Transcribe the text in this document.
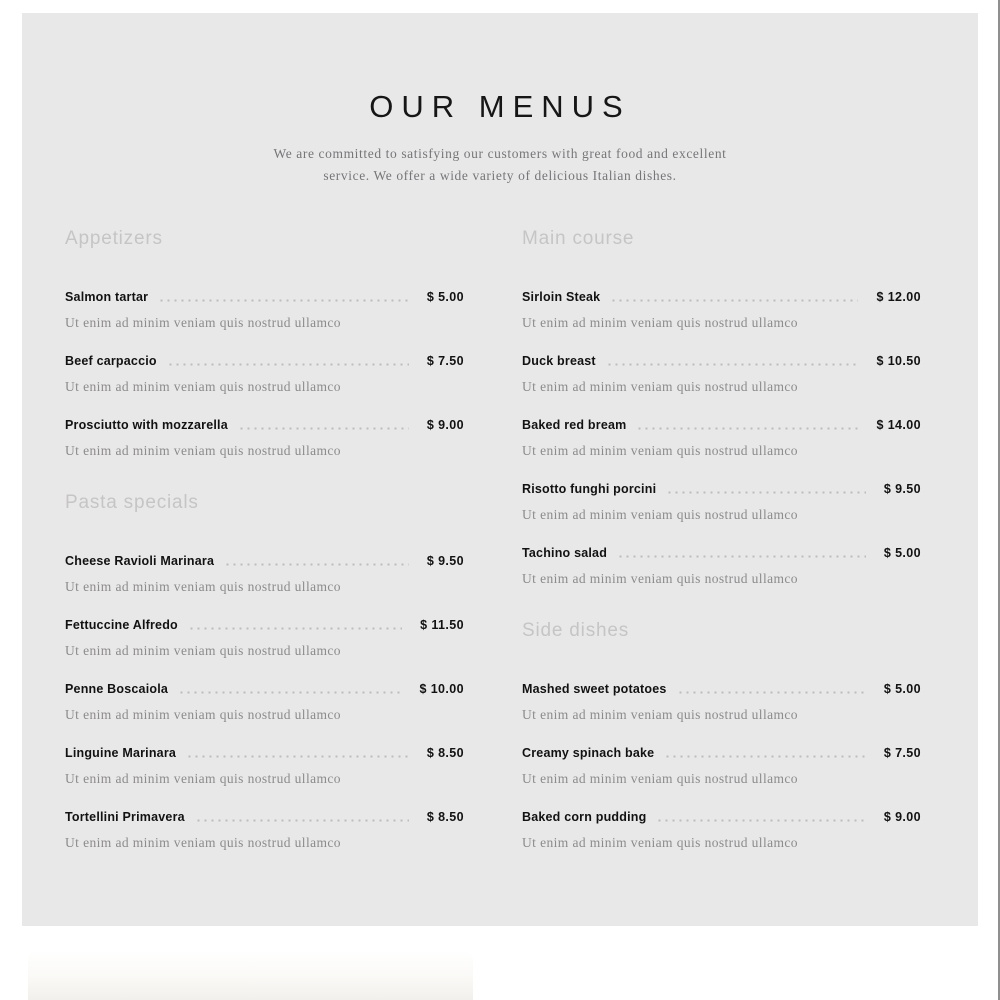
OUR MENUS
We are committed to satisfying our customers with great food and excellent
service. We offer a wide variety of delicious Italian dishes.
Appetizers
Salmon tartar	$ 5.00

Ut enim ad minim veniam quis nostrud ullamco

Beef carpaccio	$ 7.50

Ut enim ad minim veniam quis nostrud ullamco

Prosciutto with mozzarella	$ 9.00

Ut enim ad minim veniam quis nostrud ullamco

Pasta specials
Cheese Ravioli Marinara	$ 9.50

Ut enim ad minim veniam quis nostrud ullamco

Fettuccine Alfredo	$ 11.50

Ut enim ad minim veniam quis nostrud ullamco

Penne Boscaiola	$ 10.00

Ut enim ad minim veniam quis nostrud ullamco

Linguine Marinara	$ 8.50

Ut enim ad minim veniam quis nostrud ullamco

Tortellini Primavera	$ 8.50

Ut enim ad minim veniam quis nostrud ullamco

Main course
Sirloin Steak	$ 12.00

Ut enim ad minim veniam quis nostrud ullamco

Duck breast	$ 10.50

Ut enim ad minim veniam quis nostrud ullamco

Baked red bream	$ 14.00

Ut enim ad minim veniam quis nostrud ullamco

Risotto funghi porcini	$ 9.50

Ut enim ad minim veniam quis nostrud ullamco

Tachino salad	$ 5.00

Ut enim ad minim veniam quis nostrud ullamco

Side dishes
Mashed sweet potatoes	$ 5.00

Ut enim ad minim veniam quis nostrud ullamco

Creamy spinach bake	$ 7.50

Ut enim ad minim veniam quis nostrud ullamco

Baked corn pudding	$ 9.00

Ut enim ad minim veniam quis nostrud ullamco
